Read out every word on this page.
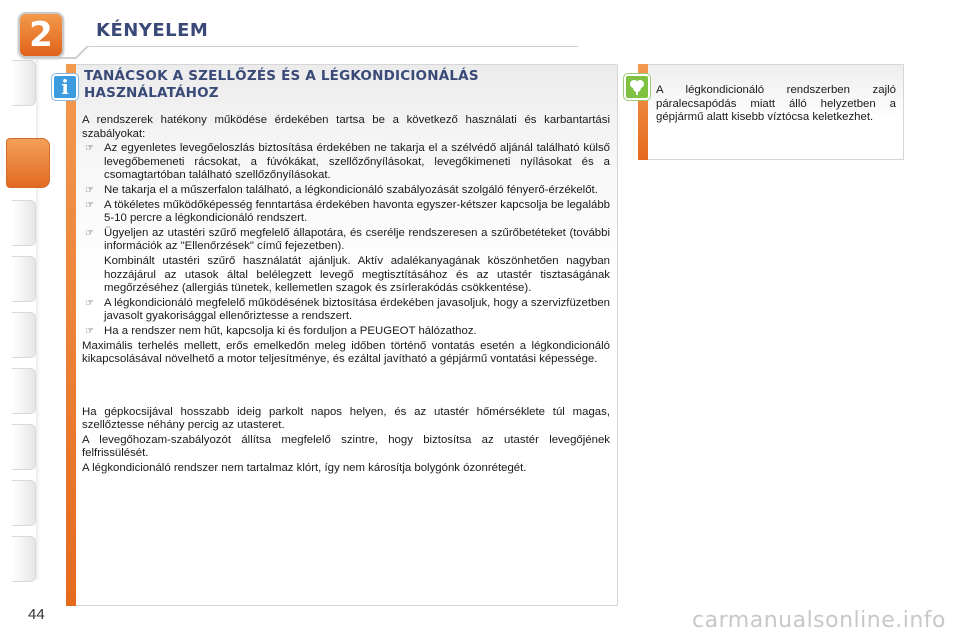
2	KÉNYELEM
i	TANÁCSOK A SZELLŐZÉS ÉS A LÉGKONDICIONÁLÁS HASZNÁLATÁHOZ

A rendszerek hatékony működése érdekében tartsa be a következő használati és karbantartási szabályokat:

☞ Az egyenletes levegőeloszlás biztosítása érdekében ne takarja el a szélvédő aljánál található külső levegőbemeneti rácsokat, a fúvókákat, szellőzőnyílásokat, levegőkimeneti nyílásokat és a csomagtartóban található szellőzőnyílásokat.
☞ Ne takarja el a műszerfalon található, a légkondicionáló szabályozását szolgáló fényerő-érzékelőt.
☞ A tökéletes működőképesség fenntartása érdekében havonta egyszer-kétszer kapcsolja be legalább 5-10 percre a légkondicionáló rendszert.
☞ Ügyeljen az utastéri szűrő megfelelő állapotára, és cserélje rendszeresen a szűrőbetéteket (további információk az "Ellenőrzések" című fejezetben).

Kombinált utastéri szűrő használatát ajánljuk. Aktív adalékanyagának köszönhetően nagyban hozzájárul az utasok által belélegzett levegő megtisztításához és az utastér tisztaságának megőrzéséhez (allergiás tünetek, kellemetlen szagok és zsírlerakódás csökkentése).

☞ A légkondicionáló megfelelő működésének biztosítása érdekében javasoljuk, hogy a szervizfüzetben javasolt gyakorisággal ellenőriztesse a rendszert.
☞ Ha a rendszer nem hűt, kapcsolja ki és forduljon a PEUGEOT hálózathoz.

Maximális terhelés mellett, erős emelkedőn meleg időben történő vontatás esetén a légkondicionáló kikapcsolásával növelhető a motor teljesítménye, és ezáltal javítható a gépjármű vontatási képessége.

Ha gépkocsijával hosszabb ideig parkolt napos helyen, és az utastér hőmérséklete túl magas, szellőztesse néhány percig az utasteret.

A levegőhozam-szabályozót állítsa megfelelő szintre, hogy biztosítsa az utastér levegőjének felfrissülését.

A légkondicionáló rendszer nem tartalmaz klórt, így nem károsítja bolygónk ózonrétegét.

A légkondicionáló rendszerben zajló páralecsapódás miatt álló helyzetben a gépjármű alatt kisebb víztócsa keletkezhet.
44	carmanualsonline.info
